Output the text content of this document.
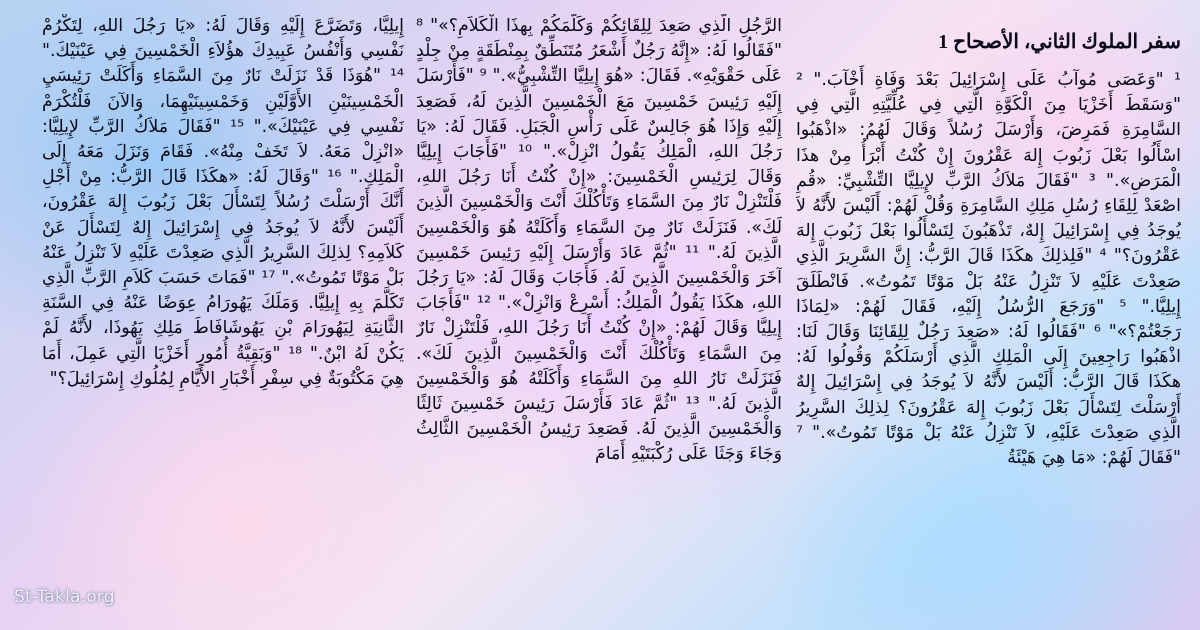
سفر الملوك الثاني، الأصحاح 1
¹ "وَعَصَى مُوآبُ عَلَى إِسْرَائِيلَ بَعْدَ وَفَاةِ أَخْآبَ." ² "وَسَقَطَ أَخَزْيَا مِنَ الْكَوَّةِ الَّتِي فِي عُلِّيَّتِهِ الَّتِي فِي السَّامِرَةِ فَمَرِضَ، وَأَرْسَلَ رُسُلاً وَقَالَ لَهُمُ: «اذْهَبُوا اسْأَلُوا بَعْلَ زَبُوبَ إِلهَ عَقْرُونَ إِنْ كُنْتُ أَبْرَأُ مِنْ هذَا الْمَرَضِ»." ³ "فَقَالَ مَلاَكُ الرَّبِّ لإِيلِيَّا التِّشْبِيِّ: «قُمِ اصْعَدْ لِلِقَاءِ رُسُلِ مَلِكِ السَّامِرَةِ وَقُلْ لَهُمْ: أَلَيْسَ لأَنَّهُ لاَ يُوجَدُ فِي إِسْرَائِيلَ إِلهٌ، تَذْهَبُونَ لِتَسْأَلُوا بَعْلَ زَبُوبَ إِلهَ عَقْرُونَ؟" ⁴ "فَلِذلِكَ هكَذَا قَالَ الرَّبُّ: إِنَّ السَّرِيرَ الَّذِي صَعِدْتَ عَلَيْهِ لاَ تَنْزِلُ عَنْهُ بَلْ مَوْتًا تَمُوتُ». فَانْطَلَقَ إِيلِيَّا." ⁵ "وَرَجَعَ الرُّسُلُ إِلَيْهِ، فَقَالَ لَهُمْ: «لِمَاذَا رَجَعْتُمْ؟»" ⁶ "فَقَالُوا لَهُ: «صَعِدَ رَجُلٌ لِلِقَائِنَا وَقَالَ لَنَا: اذْهَبُوا رَاجِعِينَ إِلَى الْمَلِكِ الَّذِي أَرْسَلَكُمْ وَقُولُوا لَهُ: هكَذَا قَالَ الرَّبُّ: أَلَيْسَ لأَنَّهُ لاَ يُوجَدُ فِي إِسْرَائِيلَ إِلهٌ أَرْسَلْتَ لِتَسْأَلَ بَعْلَ زَبُوبَ إِلهَ عَقْرُونَ؟ لِذلِكَ السَّرِيرُ الَّذِي صَعِدْتَ عَلَيْهِ، لاَ تَنْزِلُ عَنْهُ بَلْ مَوْتًا تَمُوتُ»." ⁷ "فَقَالَ لَهُمْ: «مَا هِيَ هَيْئَةُ
الرَّجُلِ الَّذِي صَعِدَ لِلِقَائِكُمْ وَكَلَّمَكُمْ بِهذَا الْكَلاَمِ؟»" ⁸ "فَقَالُوا لَهُ: «إِنَّهُ رَجُلٌ أَشْعَرُ مُتَنَطِّقٌ بِمِنْطَقَةٍ مِنْ جِلْدٍ عَلَى حَقْوَيْهِ». فَقَالَ: «هُوَ إِيلِيَّا التِّشْبِيُّ»." ⁹ "فَأَرْسَلَ إِلَيْهِ رَئِيسَ خَمْسِينَ مَعَ الْخَمْسِينَ الَّذِينَ لَهُ، فَصَعِدَ إِلَيْهِ وَإِذَا هُوَ جَالِسٌ عَلَى رَأْسِ الْجَبَلِ. فَقَالَ لَهُ: «يَا رَجُلَ اللهِ، الْمَلِكُ يَقُولُ انْزِلْ»." ¹⁰ "فَأَجَابَ إِيلِيَّا وَقَالَ لِرَئِيسِ الْخَمْسِينَ: «إِنْ كُنْتُ أَنَا رَجُلَ اللهِ، فَلْتَنْزِلْ نَارٌ مِنَ السَّمَاءِ وَتَأْكُلْكَ أَنْتَ وَالْخَمْسِينَ الَّذِينَ لَكَ». فَنَزَلَتْ نَارٌ مِنَ السَّمَاءِ وَأَكَلَتْهُ هُوَ وَالْخَمْسِينَ الَّذِينَ لَهُ." ¹¹ "ثُمَّ عَادَ وَأَرْسَلَ إِلَيْهِ رَئِيسَ خَمْسِينَ آخَرَ وَالْخَمْسِينَ الَّذِينَ لَهُ. فَأَجَابَ وَقَالَ لَهُ: «يَا رَجُلَ اللهِ، هكَذَا يَقُولُ الْمَلِكُ: أَسْرِعْ وَانْزِلْ»." ¹² "فَأَجَابَ إِيلِيَّا وَقَالَ لَهُمْ: «إِنْ كُنْتُ أَنَا رَجُلَ اللهِ، فَلْتَنْزِلْ نَارٌ مِنَ السَّمَاءِ وَتَأْكُلْكَ أَنْتَ وَالْخَمْسِينَ الَّذِينَ لَكَ». فَنَزَلَتْ نَارُ اللهِ مِنَ السَّمَاءِ وَأَكَلَتْهُ هُوَ وَالْخَمْسِينَ الَّذِينَ لَهُ." ¹³ "ثُمَّ عَادَ فَأَرْسَلَ رَئِيسَ خَمْسِينَ ثَالِثًا وَالْخَمْسِينَ الَّذِينَ لَهُ. فَصَعِدَ رَئِيسُ الْخَمْسِينَ الثَّالِثُ وَجَاءَ وَجَثَا عَلَى رُكْبَتَيْهِ أَمَامَ
إِيلِيَّا، وَتَضَرَّعَ إِلَيْهِ وَقَالَ لَهُ: «يَا رَجُلَ اللهِ، لِتَكْرُمْ نَفْسِي وَأَنْفُسُ عَبِيدِكَ هؤُلاَءِ الْخَمْسِينَ فِي عَيْنَيْكَ." ¹⁴ "هُوَذَا قَدْ نَزَلَتْ نَارٌ مِنَ السَّمَاءِ وَأَكَلَتْ رَئِيسَيِ الْخَمْسِينَيْنِ الأَوَّلَيْنِ وَخَمْسِينَيْهِمَا، وَالآنَ فَلْتُكْرَمْ نَفْسِي فِي عَيْنَيْكَ»." ¹⁵ "فَقَالَ مَلاَكُ الرَّبِّ لإِيلِيَّا: «انْزِلْ مَعَهُ. لاَ تَخَفْ مِنْهُ». فَقَامَ وَنَزَلَ مَعَهُ إِلَى الْمَلِكِ." ¹⁶ "وَقَالَ لَهُ: «هكَذَا قَالَ الرَّبُّ: مِنْ أَجْلِ أَنَّكَ أَرْسَلْتَ رُسُلاً لِتَسْأَلَ بَعْلَ زَبُوبَ إِلهَ عَقْرُونَ، أَلَيْسَ لأَنَّهُ لاَ يُوجَدُ فِي إِسْرَائِيلَ إِلهٌ لِتَسْأَلَ عَنْ كَلاَمِهِ؟ لِذلِكَ السَّرِيرُ الَّذِي صَعِدْتَ عَلَيْهِ لاَ تَنْزِلُ عَنْهُ بَلْ مَوْتًا تَمُوتُ»." ¹⁷ "فَمَاتَ حَسَبَ كَلاَمِ الرَّبِّ الَّذِي تَكَلَّمَ بِهِ إِيلِيَّا. وَمَلَكَ يَهُورَامُ عِوَضًا عَنْهُ فِي السَّنَةِ الثَّانِيَةِ لِيَهُورَامَ بْنِ يَهُوشَافَاطَ مَلِكِ يَهُوذَا، لأَنَّهُ لَمْ يَكُنْ لَهُ ابْنٌ." ¹⁸ "وَبَقِيَّةُ أُمُورِ أَخَزْيَا الَّتِي عَمِلَ، أَمَا هِيَ مَكْتُوبَةٌ فِي سِفْرِ أَخْبَارِ الأَيَّامِ لِمُلُوكِ إِسْرَائِيلَ؟"
St-Takla.org
